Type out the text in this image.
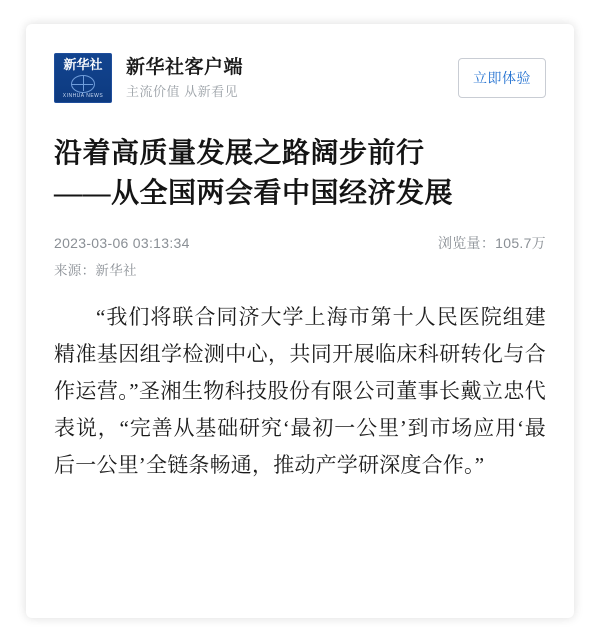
新华社
XINHUA NEWS
新华社客户端
主流价值 从新看见
立即体验
沿着高质量发展之路阔步前行
——从全国两会看中国经济发展
2023-03-06 03:13:34	浏览量：105.7万
来源：新华社

“我们将联合同济大学上海市第十人民医院组建精准基因组学检测中心，共同开展临床科研转化与合作运营。”圣湘生物科技股份有限公司董事长戴立忠代表说，“完善从基础研究‘最初一公里’到市场应用‘最后一公里’全链条畅通，推动产学研深度合作。”
